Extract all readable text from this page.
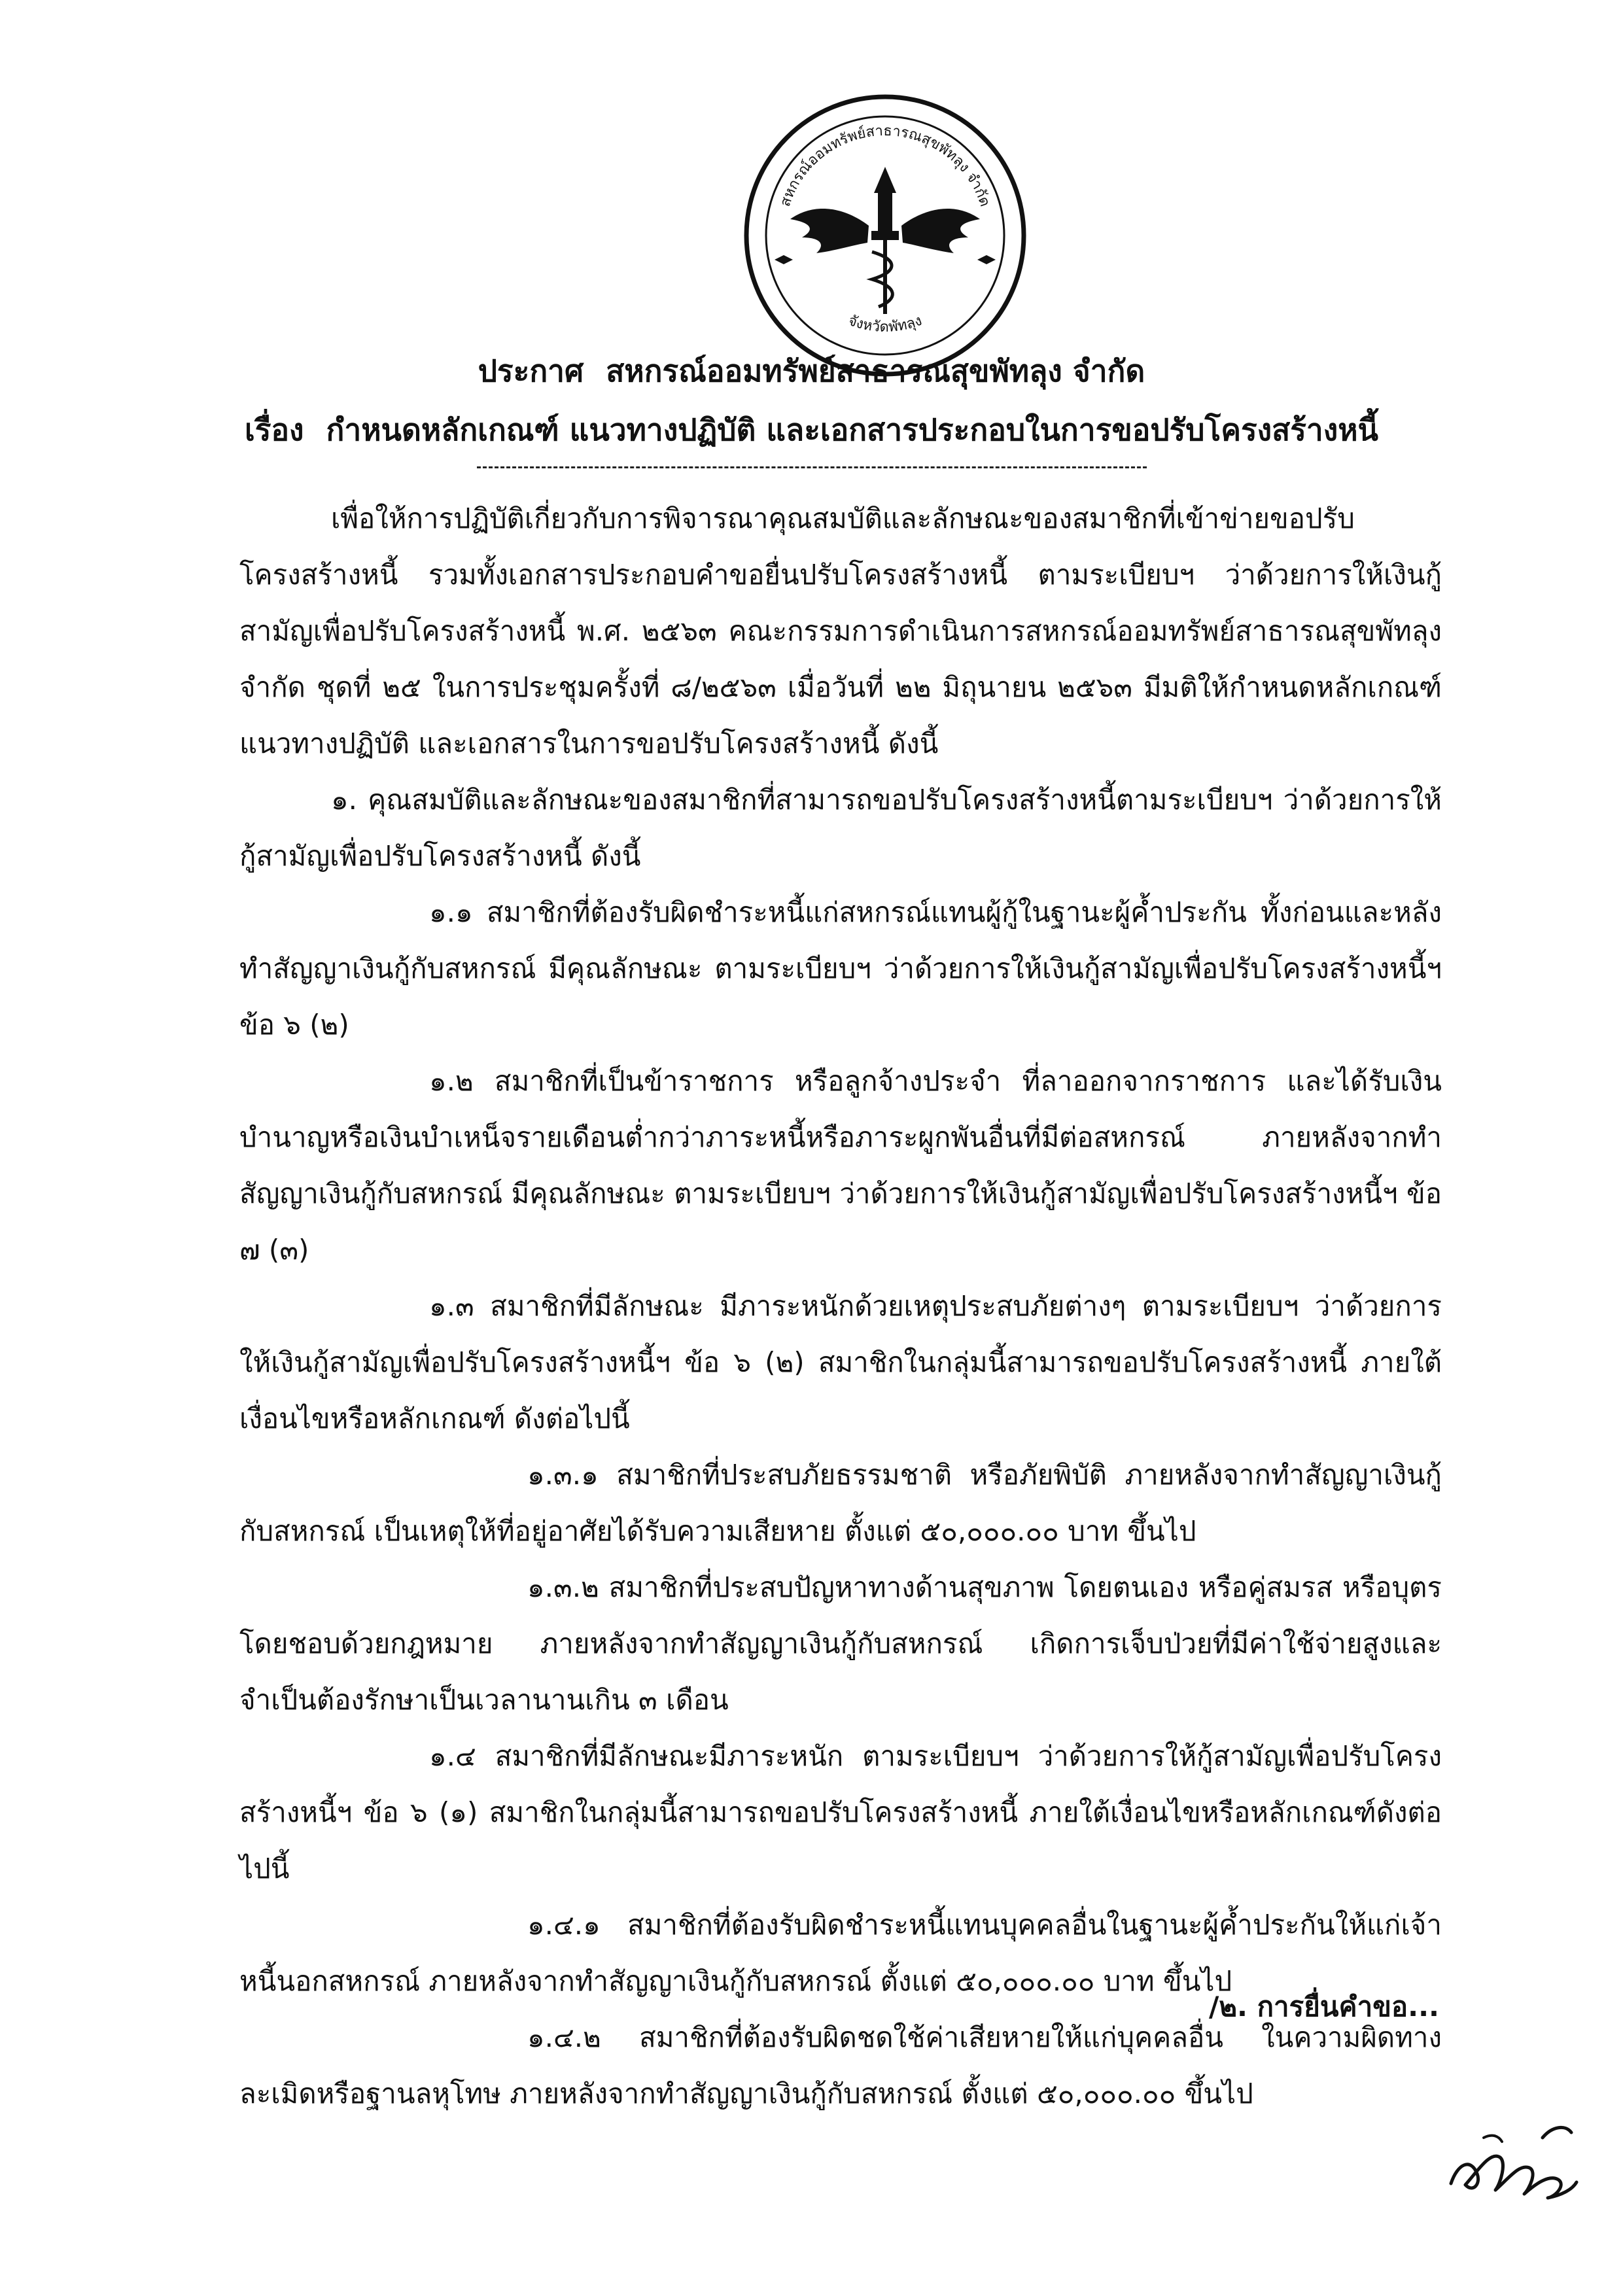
สหกรณ์ออมทรัพย์สาธารณสุขพัทลุง จำกัด
จังหวัดพัทลุง
ประกาศ สหกรณ์ออมทรัพย์สาธารณสุขพัทลุง จำกัด
เรื่อง กำหนดหลักเกณฑ์ แนวทางปฏิบัติ และเอกสารประกอบในการขอปรับโครงสร้างหนี้

เพื่อให้การปฏิบัติเกี่ยวกับการพิจารณาคุณสมบัติและลักษณะของสมาชิกที่เข้าข่ายขอปรับโครงสร้างหนี้ รวมทั้งเอกสารประกอบคำขอยื่นปรับโครงสร้างหนี้ ตามระเบียบฯ ว่าด้วยการให้เงินกู้สามัญเพื่อปรับโครงสร้างหนี้ พ.ศ. ๒๕๖๓ คณะกรรมการดำเนินการสหกรณ์ออมทรัพย์สาธารณสุขพัทลุง จำกัด ชุดที่ ๒๕ ในการประชุมครั้งที่ ๘/๒๕๖๓ เมื่อวันที่ ๒๒ มิถุนายน ๒๕๖๓ มีมติให้กำหนดหลักเกณฑ์ แนวทางปฏิบัติ และเอกสารในการขอปรับโครงสร้างหนี้ ดังนี้

๑. คุณสมบัติและลักษณะของสมาชิกที่สามารถขอปรับโครงสร้างหนี้ตามระเบียบฯ ว่าด้วยการให้กู้สามัญเพื่อปรับโครงสร้างหนี้ ดังนี้

๑.๑ สมาชิกที่ต้องรับผิดชำระหนี้แก่สหกรณ์แทนผู้กู้ในฐานะผู้ค้ำประกัน ทั้งก่อนและหลังทำสัญญาเงินกู้กับสหกรณ์ มีคุณลักษณะ ตามระเบียบฯ ว่าด้วยการให้เงินกู้สามัญเพื่อปรับโครงสร้างหนี้ฯ ข้อ ๖ (๒)

๑.๒ สมาชิกที่เป็นข้าราชการ หรือลูกจ้างประจำ ที่ลาออกจากราชการ และได้รับเงินบำนาญหรือเงินบำเหน็จรายเดือนต่ำกว่าภาระหนี้หรือภาระผูกพันอื่นที่มีต่อสหกรณ์ ภายหลังจากทำสัญญาเงินกู้กับสหกรณ์ มีคุณลักษณะ ตามระเบียบฯ ว่าด้วยการให้เงินกู้สามัญเพื่อปรับโครงสร้างหนี้ฯ ข้อ ๗ (๓)

๑.๓ สมาชิกที่มีลักษณะ มีภาระหนักด้วยเหตุประสบภัยต่างๆ ตามระเบียบฯ ว่าด้วยการให้เงินกู้สามัญเพื่อปรับโครงสร้างหนี้ฯ ข้อ ๖ (๒) สมาชิกในกลุ่มนี้สามารถขอปรับโครงสร้างหนี้ ภายใต้เงื่อนไขหรือหลักเกณฑ์ ดังต่อไปนี้

๑.๓.๑ สมาชิกที่ประสบภัยธรรมชาติ หรือภัยพิบัติ ภายหลังจากทำสัญญาเงินกู้กับสหกรณ์ เป็นเหตุให้ที่อยู่อาศัยได้รับความเสียหาย ตั้งแต่ ๕๐,๐๐๐.๐๐ บาท ขึ้นไป

๑.๓.๒ สมาชิกที่ประสบปัญหาทางด้านสุขภาพ โดยตนเอง หรือคู่สมรส หรือบุตรโดยชอบด้วยกฎหมาย ภายหลังจากทำสัญญาเงินกู้กับสหกรณ์ เกิดการเจ็บป่วยที่มีค่าใช้จ่ายสูงและจำเป็นต้องรักษาเป็นเวลานานเกิน ๓ เดือน

๑.๔ สมาชิกที่มีลักษณะมีภาระหนัก ตามระเบียบฯ ว่าด้วยการให้กู้สามัญเพื่อปรับโครงสร้างหนี้ฯ ข้อ ๖ (๑) สมาชิกในกลุ่มนี้สามารถขอปรับโครงสร้างหนี้ ภายใต้เงื่อนไขหรือหลักเกณฑ์ดังต่อไปนี้

๑.๔.๑ สมาชิกที่ต้องรับผิดชำระหนี้แทนบุคคลอื่นในฐานะผู้ค้ำประกันให้แก่เจ้าหนี้นอกสหกรณ์ ภายหลังจากทำสัญญาเงินกู้กับสหกรณ์ ตั้งแต่ ๕๐,๐๐๐.๐๐ บาท ขึ้นไป

๑.๔.๒ สมาชิกที่ต้องรับผิดชดใช้ค่าเสียหายให้แก่บุคคลอื่น ในความผิดทางละเมิดหรือฐานลหุโทษ ภายหลังจากทำสัญญาเงินกู้กับสหกรณ์ ตั้งแต่ ๕๐,๐๐๐.๐๐ ขึ้นไป

/๒. การยื่นคำขอ...
